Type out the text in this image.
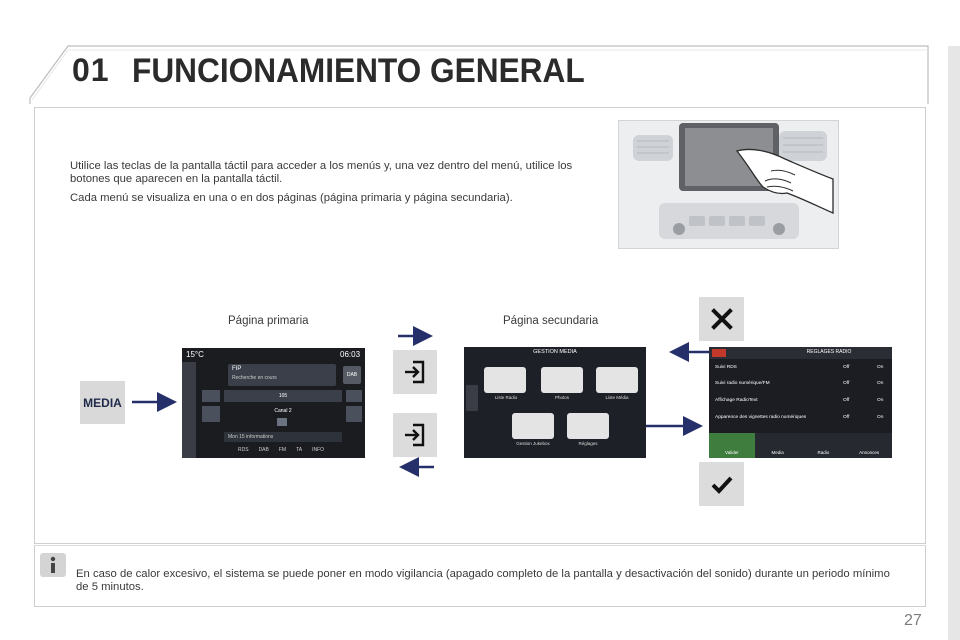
01 FUNCIONAMIENTO GENERAL

Utilice las teclas de la pantalla táctil para acceder a los menús y, una vez dentro del menú, utilice los botones que aparecen en la pantalla táctil.

Cada menú se visualiza en una o en dos páginas (página primaria y página secundaria).

Página primaria	Página secundaria
MEDIA
15°C	06:03
FIP
Recherche en cours	DAB
105
Canal 2
Mon 15 informations
RDS DAB FM TA INFO
GESTION MEDIA
Liste Radio	Photos	Liste Média
Gestion Jukebox	Réglages
REGLAGES RADIO
Suivi RDS	Off	On
Suivi radio numérique/FM	Off	On
Affichage RadioText	Off	On
Apparence des vignettes radio numériques	Off	On
Valider	Media	Radio	Annonces
En caso de calor excesivo, el sistema se puede poner en modo vigilancia (apagado completo de la pantalla y desactivación del sonido) durante un periodo mínimo de 5 minutos.
27
